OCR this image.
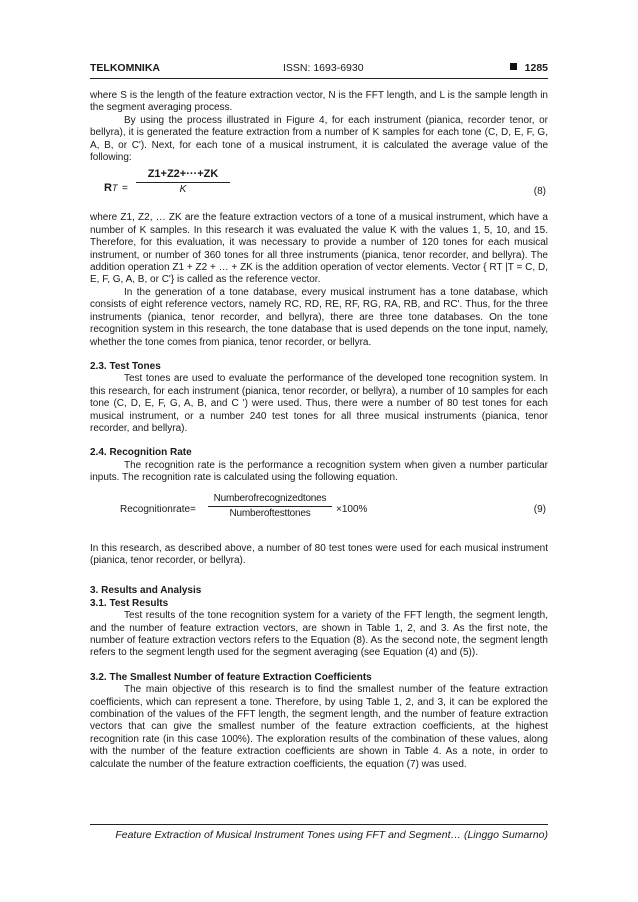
TELKOMNIKA	ISSN: 1693-6930	1285

where S is the length of the feature extraction vector, N is the FFT length, and L is the sample length in the segment averaging process.

By using the process illustrated in Figure 4, for each instrument (pianica, recorder tenor, or bellyra), it is generated the feature extraction from a number of K samples for each tone (C, D, E, F, G, A, B, or C'). Next, for each tone of a musical instrument, it is calculated the average value of the following:

RT = $\frac{Z1+Z2+\cdot\cdot\cdot+ZK}{K}$	(8)

where Z1, Z2, … ZK are the feature extraction vectors of a tone of a musical instrument, which have a number of K samples. In this research it was evaluated the value K with the values 1, 5, 10, and 15. Therefore, for this evaluation, it was necessary to provide a number of 120 tones for each musical instrument, or number of 360 tones for all three instruments (pianica, tenor recorder, and bellyra). The addition operation Z1 + Z2 + … + ZK is the addition operation of vector elements. Vector { RT |T = C, D, E, F, G, A, B, or C'} is called as the reference vector.

In the generation of a tone database, every musical instrument has a tone database, which consists of eight reference vectors, namely RC, RD, RE, RF, RG, RA, RB, and RC'. Thus, for the three instruments (pianica, tenor recorder, and bellyra), there are three tone databases. On the tone recognition system in this research, the tone database that is used depends on the tone input, namely, whether the tone comes from pianica, tenor recorder, or bellyra.

2.3. Test Tones

Test tones are used to evaluate the performance of the developed tone recognition system. In this research, for each instrument (pianica, tenor recorder, or bellyra), a number of 10 samples for each tone (C, D, E, F, G, A, B, and C ') were used. Thus, there were a number of 80 test tones for each musical instrument, or a number 240 test tones for all three musical instruments (pianica, tenor recorder, and bellyra).

2.4. Recognition Rate

The recognition rate is the performance a recognition system when given a number particular inputs. The recognition rate is calculated using the following equation.

Recognitionrate=
Numberofrecognizedtones
Numberoftesttones	×100%	(9)

In this research, as described above, a number of 80 test tones were used for each musical instrument (pianica, tenor recorder, or bellyra).

3. Results and Analysis
3.1. Test Results

Test results of the tone recognition system for a variety of the FFT length, the segment length, and the number of feature extraction vectors, are shown in Table 1, 2, and 3. As the first note, the number of feature extraction vectors refers to the Equation (8). As the second note, the segment length refers to the segment length used for the segment averaging (see Equation (4) and (5)).

3.2. The Smallest Number of feature Extraction Coefficients

The main objective of this research is to find the smallest number of the feature extraction coefficients, which can represent a tone. Therefore, by using Table 1, 2, and 3, it can be explored the combination of the values of the FFT length, the segment length, and the number of feature extraction vectors that can give the smallest number of the feature extraction coefficients, at the highest recognition rate (in this case 100%). The exploration results of the combination of these values, along with the number of the feature extraction coefficients are shown in Table 4. As a note, in order to calculate the number of the feature extraction coefficients, the equation (7) was used.

Feature Extraction of Musical Instrument Tones using FFT and Segment… (Linggo Sumarno)
